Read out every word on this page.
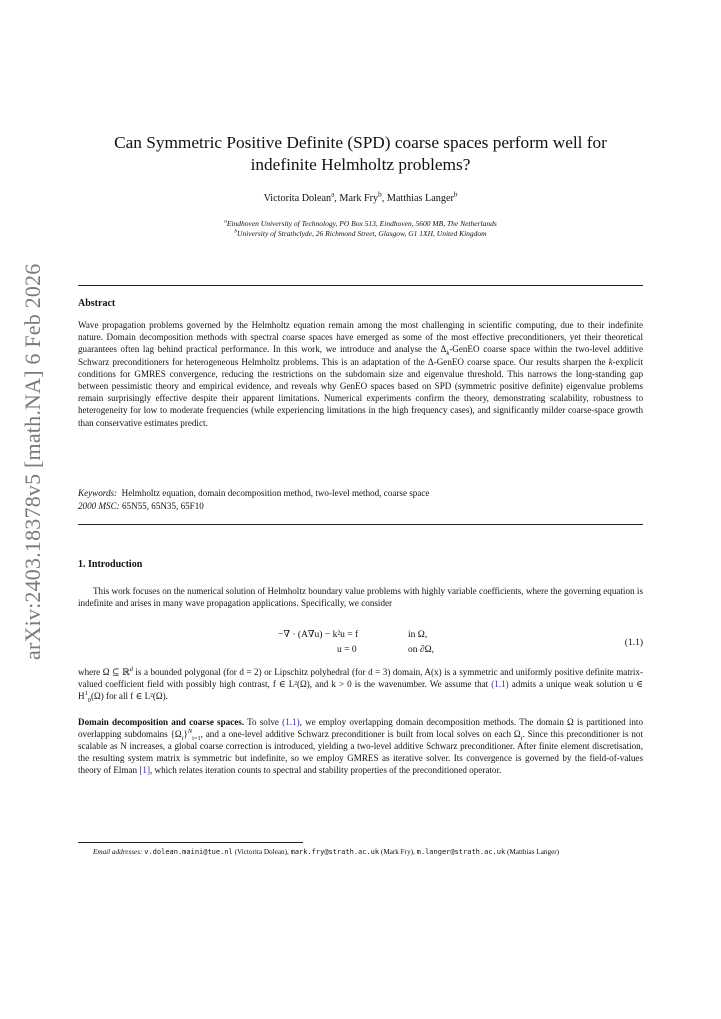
arXiv:2403.18378v5 [math.NA] 6 Feb 2026
Can Symmetric Positive Definite (SPD) coarse spaces perform well for
indefinite Helmholtz problems?
Victorita Dolean$^a$, Mark Fry$^b$, Matthias Langer$^b$
$^a$Eindhoven University of Technology, PO Box 513, Eindhoven, 5600 MB, The Netherlands
$^b$University of Strathclyde, 26 Richmond Street, Glasgow, G1 1XH, United Kingdom
Abstract

Wave propagation problems governed by the Helmholtz equation remain among the most challenging in scientific computing, due to their indefinite nature. Domain decomposition methods with spectral coarse spaces have emerged as some of the most effective preconditioners, yet their theoretical guarantees often lag behind practical performance. In this work, we introduce and analyse the $\Delta_k$-GenEO coarse space within the two-level additive Schwarz preconditioners for heterogeneous Helmholtz problems. This is an adaptation of the Δ-GenEO coarse space. Our results sharpen the k-explicit conditions for GMRES convergence, reducing the restrictions on the subdomain size and eigenvalue threshold. This narrows the long-standing gap between pessimistic theory and empirical evidence, and reveals why GenEO spaces based on SPD (symmetric positive definite) eigenvalue problems remain surprisingly effective despite their apparent limitations. Numerical experiments confirm the theory, demonstrating scalability, robustness to heterogeneity for low to moderate frequencies (while experiencing limitations in the high frequency cases), and significantly milder coarse-space growth than conservative estimates predict.

Keywords: Helmholtz equation, domain decomposition method, two-level method, coarse space
2000 MSC: 65N55, 65N35, 65F10
1. Introduction

This work focuses on the numerical solution of Helmholtz boundary value problems with highly variable coefficients, where the governing equation is indefinite and arises in many wave propagation applications. Specifically, we consider

−∇ · (A∇u) − k²u = f	in Ω,
u = 0	on ∂Ω,
(1.1)

where Ω ⊆ ℝ$^d$ is a bounded polygonal (for d = 2) or Lipschitz polyhedral (for d = 3) domain, A(x) is a symmetric and uniformly positive definite matrix-valued coefficient field with possibly high contrast, f ∈ L²(Ω), and k > 0 is the wavenumber. We assume that (1.1) admits a unique weak solution u ∈ $H^1_0(\Omega)$ for all f ∈ L²(Ω).

Domain decomposition and coarse spaces. To solve (1.1), we employ overlapping domain decomposition methods. The domain Ω is partitioned into overlapping subdomains $\{\Omega_i\}^N_{i=1}$, and a one-level additive Schwarz preconditioner is built from local solves on each $\Omega_i$. Since this preconditioner is not scalable as N increases, a global coarse correction is introduced, yielding a two-level additive Schwarz preconditioner. After finite element discretisation, the resulting system matrix is symmetric but indefinite, so we employ GMRES as iterative solver. Its convergence is governed by the field-of-values theory of Elman [1], which relates iteration counts to spectral and stability properties of the preconditioned operator.

Email addresses: v.dolean.maini@tue.nl (Victorita Dolean), mark.fry@strath.ac.uk (Mark Fry), m.langer@strath.ac.uk (Matthias Langer)
